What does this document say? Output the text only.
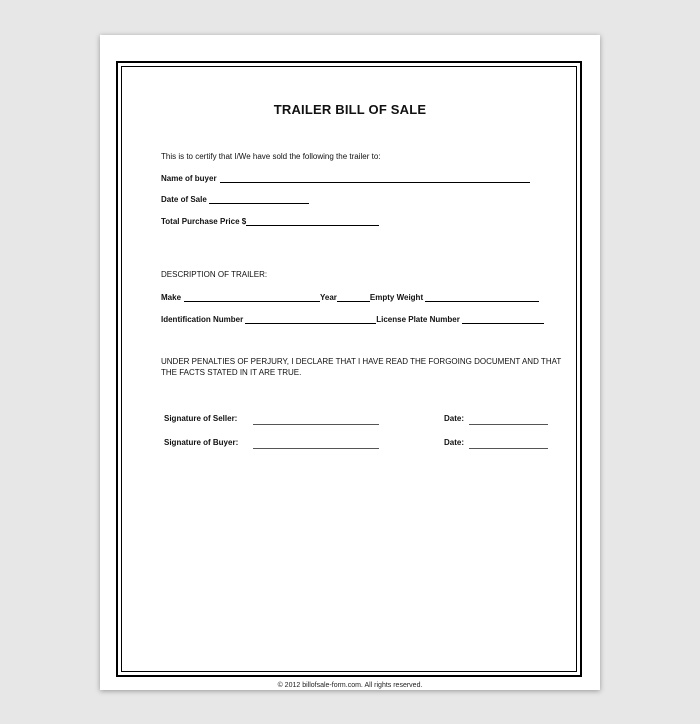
TRAILER BILL OF SALE
This is to certify that I/We have sold the following the trailer to:
Name of buyer
Date of Sale
Total Purchase Price $
DESCRIPTION OF TRAILER:
Make	Year	Empty Weight
Identification Number	License Plate Number
UNDER PENALTIES OF PERJURY, I DECLARE THAT I HAVE READ THE FORGOING DOCUMENT AND THAT
THE FACTS STATED IN IT ARE TRUE.
Signature of Seller:	Date:
Signature of Buyer:	Date:
© 2012 billofsale-form.com. All rights reserved.
